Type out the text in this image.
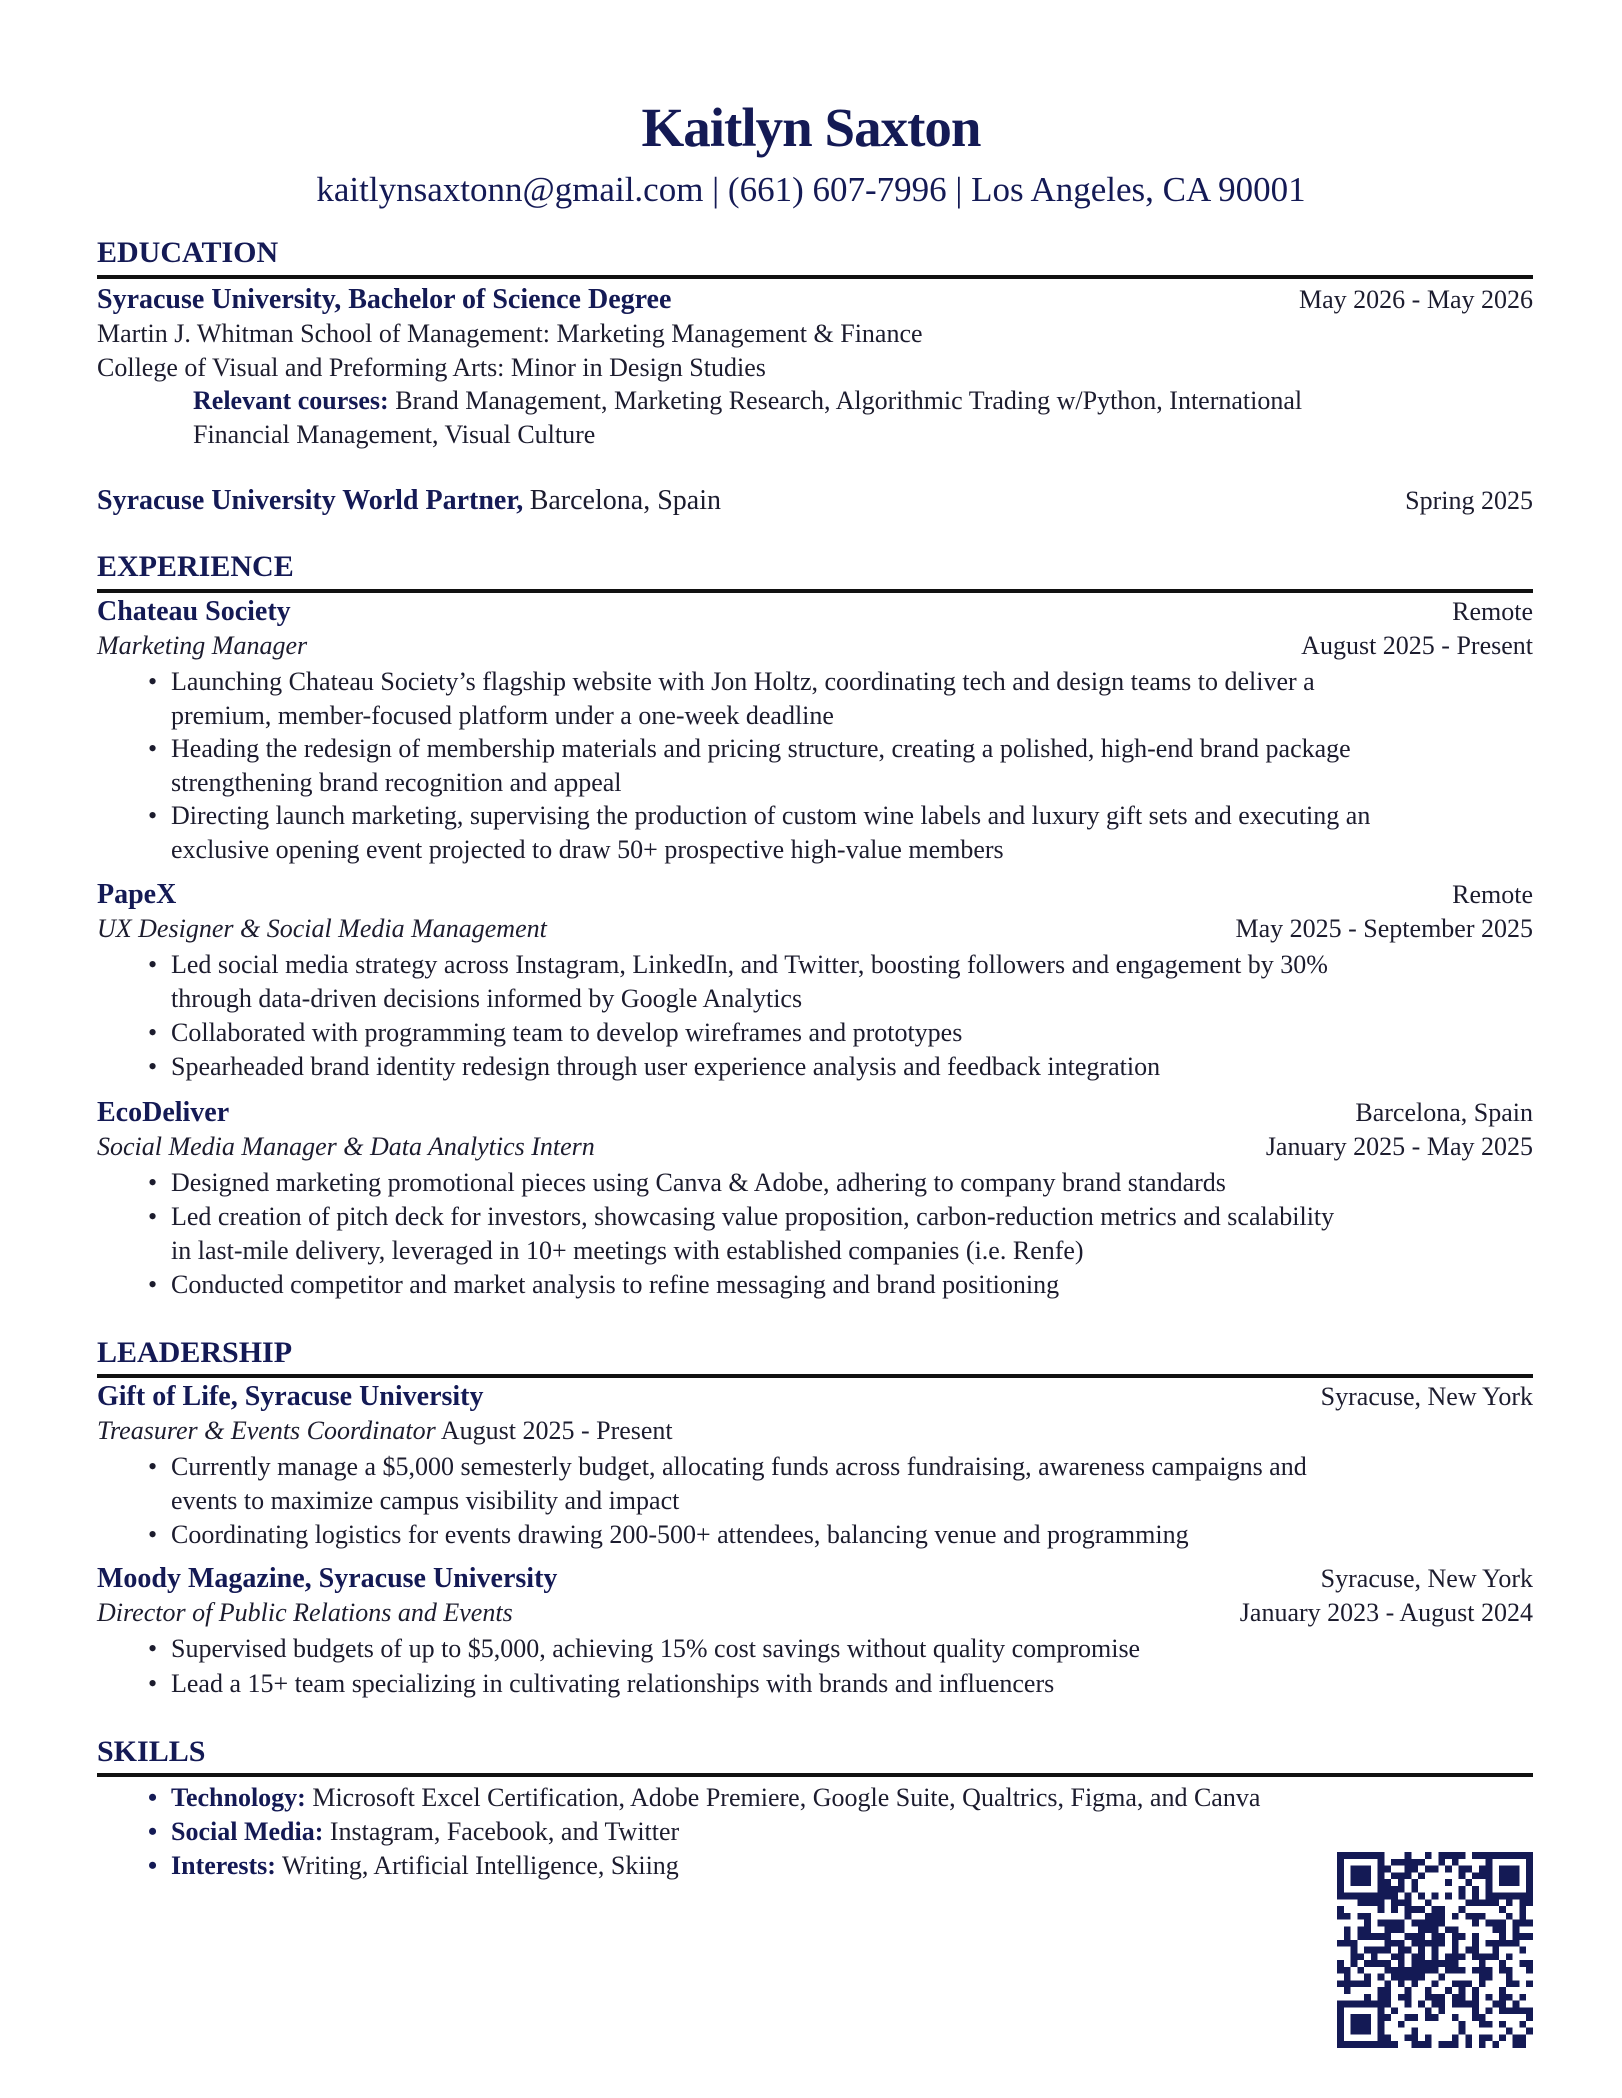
Kaitlyn Saxton
kaitlynsaxtonn@gmail.com | (661) 607-7996 | Los Angeles, CA 90001
EDUCATION
Syracuse University, Bachelor of Science Degree	May 2026 - May 2026
Martin J. Whitman School of Management: Marketing Management & Finance
College of Visual and Preforming Arts: Minor in Design Studies
Relevant courses: Brand Management, Marketing Research, Algorithmic Trading w/Python, International
Financial Management, Visual Culture
Syracuse University World Partner, Barcelona, Spain	Spring 2025
EXPERIENCE
Chateau Society	Remote
Marketing Manager	August 2025 - Present
• Launching Chateau Society’s flagship website with Jon Holtz, coordinating tech and design teams to deliver a
premium, member-focused platform under a one-week deadline
• Heading the redesign of membership materials and pricing structure, creating a polished, high-end brand package
strengthening brand recognition and appeal
• Directing launch marketing, supervising the production of custom wine labels and luxury gift sets and executing an
exclusive opening event projected to draw 50+ prospective high-value members
PapeX	Remote
UX Designer & Social Media Management	May 2025 - September 2025
• Led social media strategy across Instagram, LinkedIn, and Twitter, boosting followers and engagement by 30%
through data-driven decisions informed by Google Analytics
• Collaborated with programming team to develop wireframes and prototypes
• Spearheaded brand identity redesign through user experience analysis and feedback integration
EcoDeliver	Barcelona, Spain
Social Media Manager & Data Analytics Intern	January 2025 - May 2025
• Designed marketing promotional pieces using Canva & Adobe, adhering to company brand standards
• Led creation of pitch deck for investors, showcasing value proposition, carbon-reduction metrics and scalability
in last-mile delivery, leveraged in 10+ meetings with established companies (i.e. Renfe)
• Conducted competitor and market analysis to refine messaging and brand positioning
LEADERSHIP
Gift of Life, Syracuse University	Syracuse, New York
Treasurer & Events Coordinator August 2025 - Present
• Currently manage a $5,000 semesterly budget, allocating funds across fundraising, awareness campaigns and
events to maximize campus visibility and impact
• Coordinating logistics for events drawing 200-500+ attendees, balancing venue and programming
Moody Magazine, Syracuse University	Syracuse, New York
Director of Public Relations and Events	January 2023 - August 2024
• Supervised budgets of up to $5,000, achieving 15% cost savings without quality compromise
• Lead a 15+ team specializing in cultivating relationships with brands and influencers
SKILLS
• Technology: Microsoft Excel Certification, Adobe Premiere, Google Suite, Qualtrics, Figma, and Canva
• Social Media: Instagram, Facebook, and Twitter
• Interests: Writing, Artificial Intelligence, Skiing
